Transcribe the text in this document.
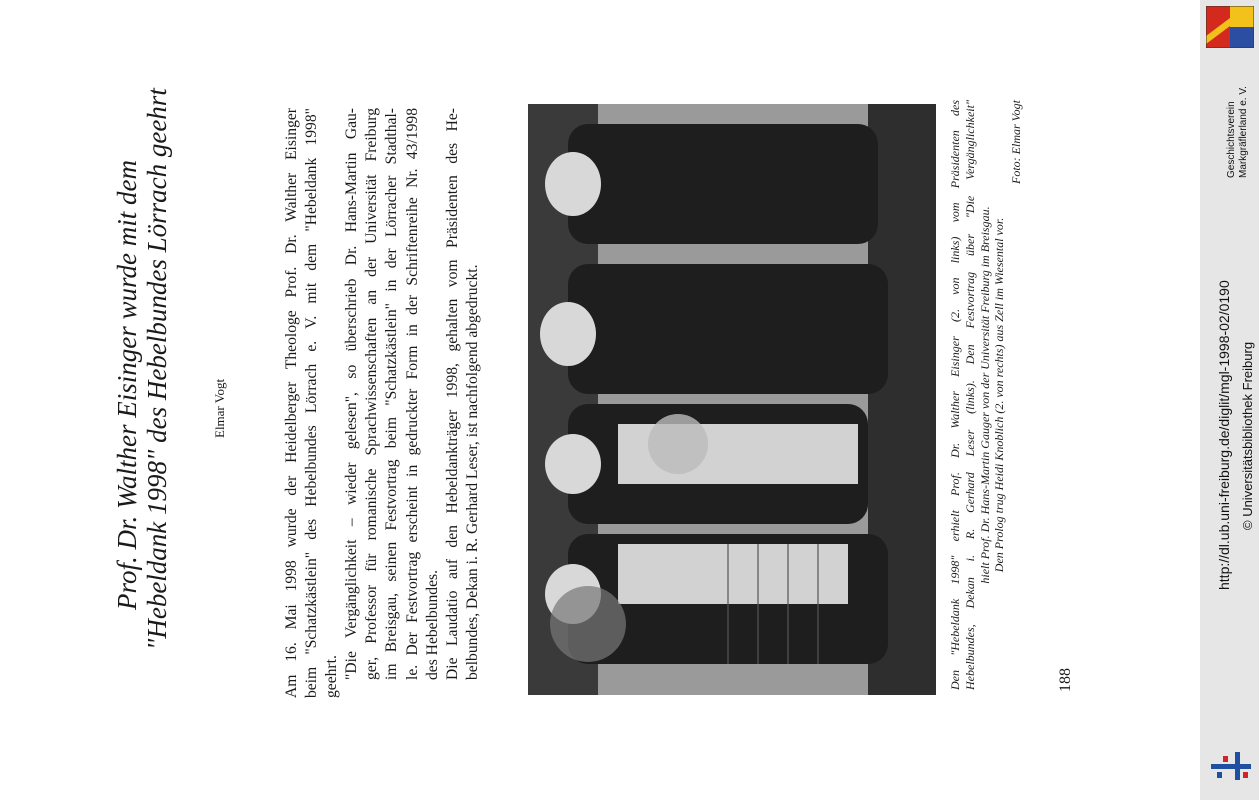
Prof. Dr. Walther Eisinger wurde mit dem "Hebeldank 1998" des Hebelbundes Lörrach geehrt	Elmar Vogt	Am 16. Mai 1998 wurde der Heidelberger Theologe Prof. Dr. Walther Eisinger beim "Schatzkästlein" des Hebelbundes Lörrach e. V. mit dem "Hebeldank 1998" geehrt. "Die Vergänglichkeit – wieder gelesen", so überschrieb Dr. Hans-Martin Gau- ger, Professor für romanische Sprachwissenschaften an der Universität Freiburg im Breisgau, seinen Festvortrag beim "Schatzkästlein" in der Lörracher Stadthal- le. Der Festvortrag erscheint in gedruckter Form in der Schriftenreihe Nr. 43/1998 des Hebelbundes. Die Laudatio auf den Hebeldankträger 1998, gehalten vom Präsidenten des He- belbundes, Dekan i. R. Gerhard Leser, ist nachfolgend abgedruckt.	Den "Hebeldank 1998" erhielt Prof. Dr. Walther Eisinger (2. von links) vom Präsidenten des Hebelbundes, Dekan i. R. Gerhard Leser (links). Den Festvortrag über "Die Vergänglichkeit" hielt Prof. Dr. Hans-Martin Gauger von der Universität Freiburg im Breisgau. Den Prolog trug Heidi Knoblich (2. von rechts) aus Zell im Wiesental vor.
Foto: Elmar Vogt
188
Geschichtsverein Markgräflerland e. V.
http://dl.ub.uni-freiburg.de/diglit/mgl-1998-02/0190 © Universitätsbibliothek Freiburg
